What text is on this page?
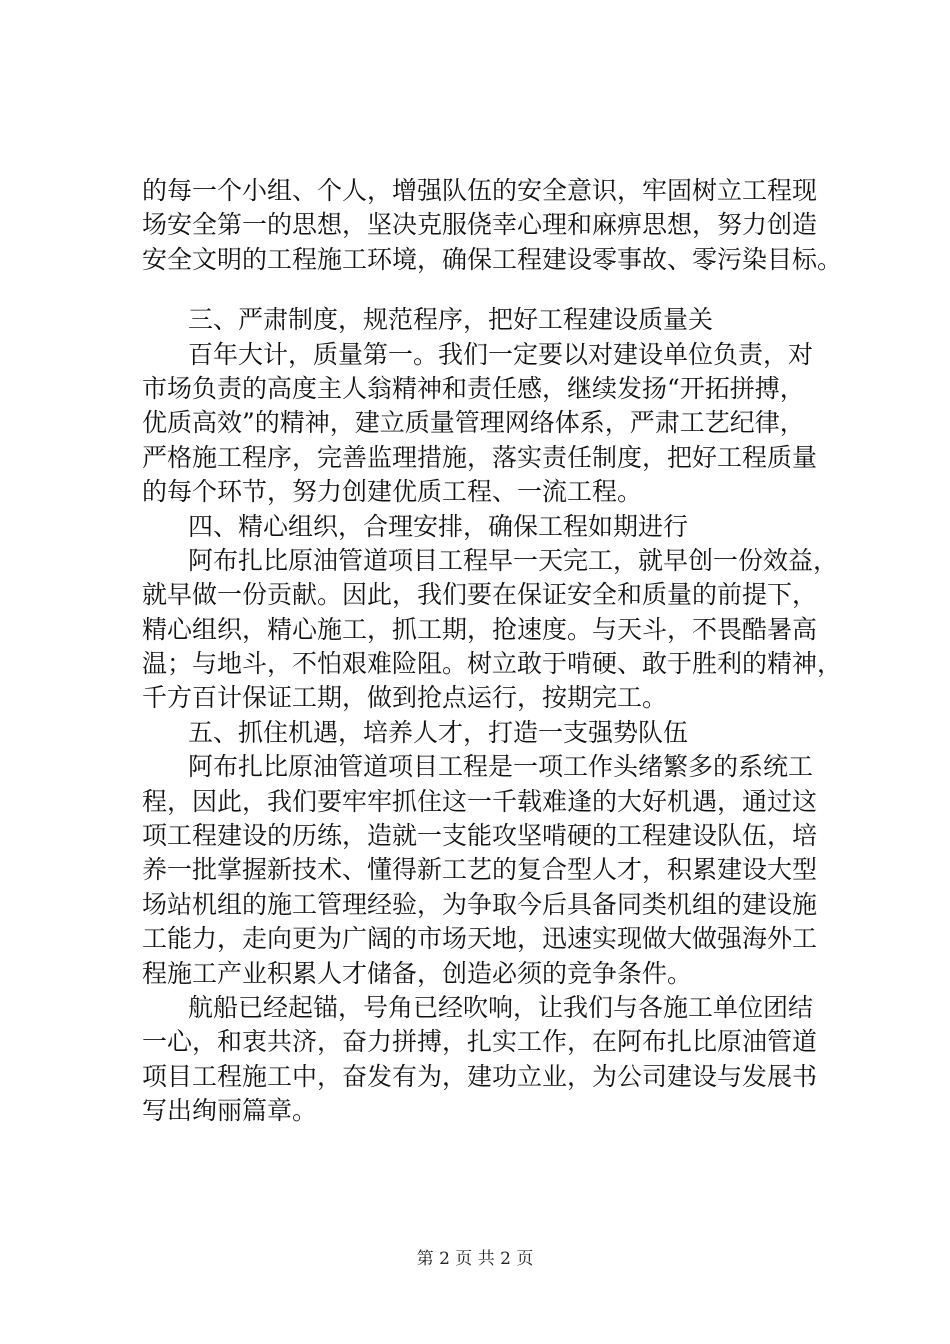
的每一个小组、个人，增强队伍的安全意识，牢固树立工程现
场安全第一的思想，坚决克服侥幸心理和麻痹思想，努力创造
安全文明的工程施工环境，确保工程建设零事故、零污染目标。
三、严肃制度，规范程序，把好工程建设质量关
百年大计，质量第一。我们一定要以对建设单位负责，对
市场负责的高度主人翁精神和责任感，继续发扬“开拓拼搏，
优质高效”的精神，建立质量管理网络体系，严肃工艺纪律，
严格施工程序，完善监理措施，落实责任制度，把好工程质量
的每个环节，努力创建优质工程、一流工程。
四、精心组织，合理安排，确保工程如期进行
阿布扎比原油管道项目工程早一天完工，就早创一份效益，
就早做一份贡献。因此，我们要在保证安全和质量的前提下，
精心组织，精心施工，抓工期，抢速度。与天斗，不畏酷暑高
温；与地斗，不怕艰难险阻。树立敢于啃硬、敢于胜利的精神，
千方百计保证工期，做到抢点运行，按期完工。
五、抓住机遇，培养人才，打造一支强势队伍
阿布扎比原油管道项目工程是一项工作头绪繁多的系统工
程，因此，我们要牢牢抓住这一千载难逢的大好机遇，通过这
项工程建设的历练，造就一支能攻坚啃硬的工程建设队伍，培
养一批掌握新技术、懂得新工艺的复合型人才，积累建设大型
场站机组的施工管理经验，为争取今后具备同类机组的建设施
工能力，走向更为广阔的市场天地，迅速实现做大做强海外工
程施工产业积累人才储备，创造必须的竞争条件。
航船已经起锚，号角已经吹响，让我们与各施工单位团结
一心，和衷共济，奋力拼搏，扎实工作，在阿布扎比原油管道
项目工程施工中，奋发有为，建功立业，为公司建设与发展书
写出绚丽篇章。
第 2 页 共 2 页
